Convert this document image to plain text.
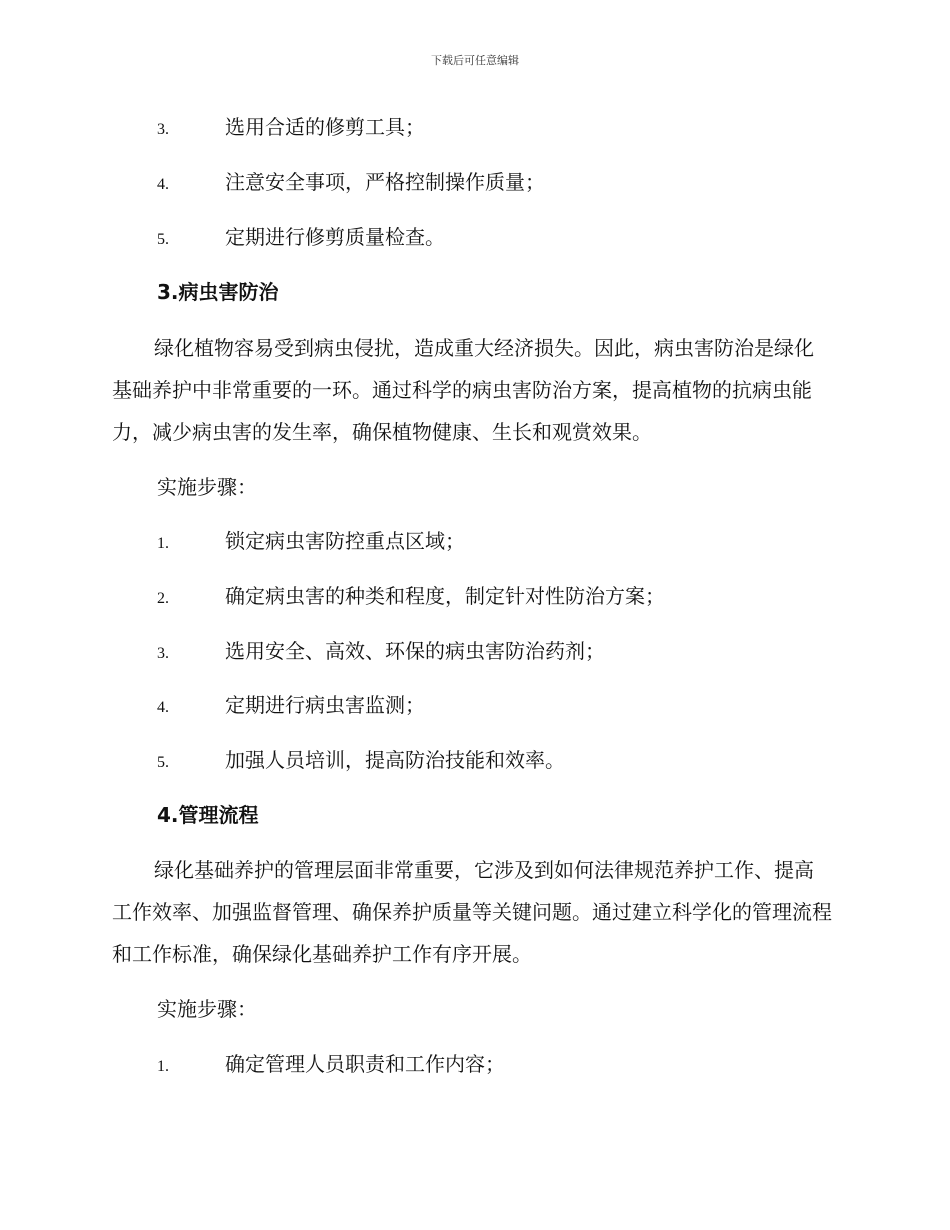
下载后可任意编辑
3.	选用合适的修剪工具；
4.	注意安全事项，严格控制操作质量；
5.	定期进行修剪质量检查。
3.病虫害防治
绿化植物容易受到病虫侵扰，造成重大经济损失。因此，病虫害防治是绿化基础养护中非常重要的一环。通过科学的病虫害防治方案，提高植物的抗病虫能力，减少病虫害的发生率，确保植物健康、生长和观赏效果。
实施步骤：
1.	锁定病虫害防控重点区域；
2.	确定病虫害的种类和程度，制定针对性防治方案；
3.	选用安全、高效、环保的病虫害防治药剂；
4.	定期进行病虫害监测；
5.	加强人员培训，提高防治技能和效率。
4.管理流程
绿化基础养护的管理层面非常重要，它涉及到如何法律规范养护工作、提高工作效率、加强监督管理、确保养护质量等关键问题。通过建立科学化的管理流程和工作标准，确保绿化基础养护工作有序开展。
实施步骤：
1.	确定管理人员职责和工作内容；
